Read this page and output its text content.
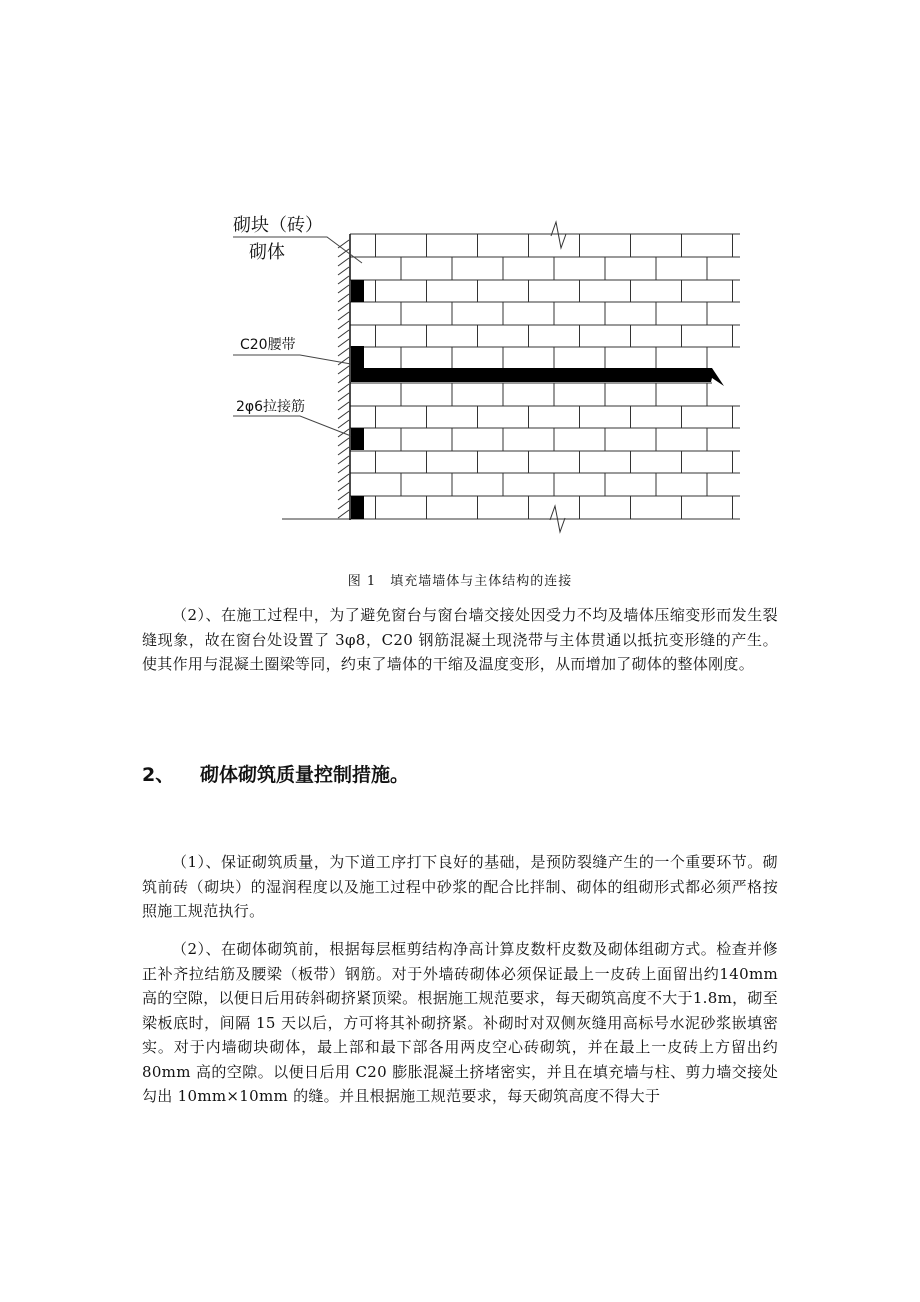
砌块（砖）
砌体
C20腰带
2φ6拉接筋
图 1　填充墙墙体与主体结构的连接

（2）、在施工过程中，为了避免窗台与窗台墙交接处因受力不均及墙体压缩变形而发生裂缝现象，故在窗台处设置了 3φ8，C20 钢筋混凝土现浇带与主体贯通以抵抗变形缝的产生。使其作用与混凝土圈梁等同，约束了墙体的干缩及温度变形，从而增加了砌体的整体刚度。

2、 砌体砌筑质量控制措施。

（1）、保证砌筑质量，为下道工序打下良好的基础，是预防裂缝产生的一个重要环节。砌筑前砖（砌块）的湿润程度以及施工过程中砂浆的配合比拌制、砌体的组砌形式都必须严格按照施工规范执行。

（2）、在砌体砌筑前，根据每层框剪结构净高计算皮数杆皮数及砌体组砌方式。检查并修正补齐拉结筋及腰梁（板带）钢筋。对于外墙砖砌体必须保证最上一皮砖上面留出约140mm 高的空隙，以便日后用砖斜砌挤紧顶梁。根据施工规范要求，每天砌筑高度不大于1.8m，砌至梁板底时，间隔 15 天以后，方可将其补砌挤紧。补砌时对双侧灰缝用高标号水泥砂浆嵌填密实。对于内墙砌块砌体，最上部和最下部各用两皮空心砖砌筑，并在最上一皮砖上方留出约 80mm 高的空隙。以便日后用 C20 膨胀混凝土挤堵密实，并且在填充墙与柱、剪力墙交接处勾出 10mm×10mm 的缝。并且根据施工规范要求，每天砌筑高度不得大于
